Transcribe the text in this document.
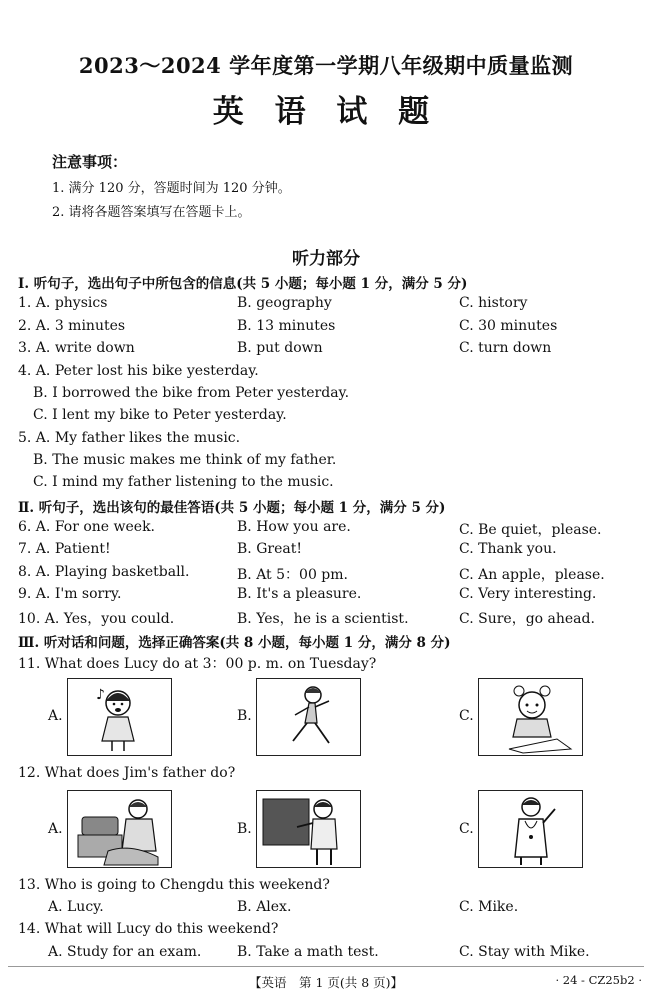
2023～2024 学年度第一学期八年级期中质量监测
英 语 试 题
注意事项：
1. 满分 120 分，答题时间为 120 分钟。
2. 请将各题答案填写在答题卡上。
听力部分
Ⅰ. 听句子，选出句子中所包含的信息(共 5 小题；每小题 1 分，满分 5 分)
1. A. physics	B. geography	C. history
2. A. 3 minutes	B. 13 minutes	C. 30 minutes
3. A. write down	B. put down	C. turn down
4. A. Peter lost his bike yesterday.
B. I borrowed the bike from Peter yesterday.
C. I lent my bike to Peter yesterday.
5. A. My father likes the music.
B. The music makes me think of my father.
C. I mind my father listening to the music.
Ⅱ. 听句子，选出该句的最佳答语(共 5 小题；每小题 1 分，满分 5 分)
6. A. For one week.	B. How you are.	C. Be quiet，please.
7. A. Patient!	B. Great!	C. Thank you.
8. A. Playing basketball.	B. At 5：00 pm.	C. An apple，please.
9. A. I'm sorry.	B. It's a pleasure.	C. Very interesting.
10. A. Yes，you could.	B. Yes，he is a scientist.	C. Sure，go ahead.
Ⅲ. 听对话和问题，选择正确答案(共 8 小题，每小题 1 分，满分 8 分)
11. What does Lucy do at 3：00 p. m. on Tuesday?
A.
♪
B.	C.
12. What does Jim's father do?
A.	B.	C.
13. Who is going to Chengdu this weekend?
A. Lucy.	B. Alex.	C. Mike.
14. What will Lucy do this weekend?
A. Study for an exam.	B. Take a math test.	C. Stay with Mike.
【英语　第 1 页(共 8 页)】	· 24 - CZ25b2 ·
